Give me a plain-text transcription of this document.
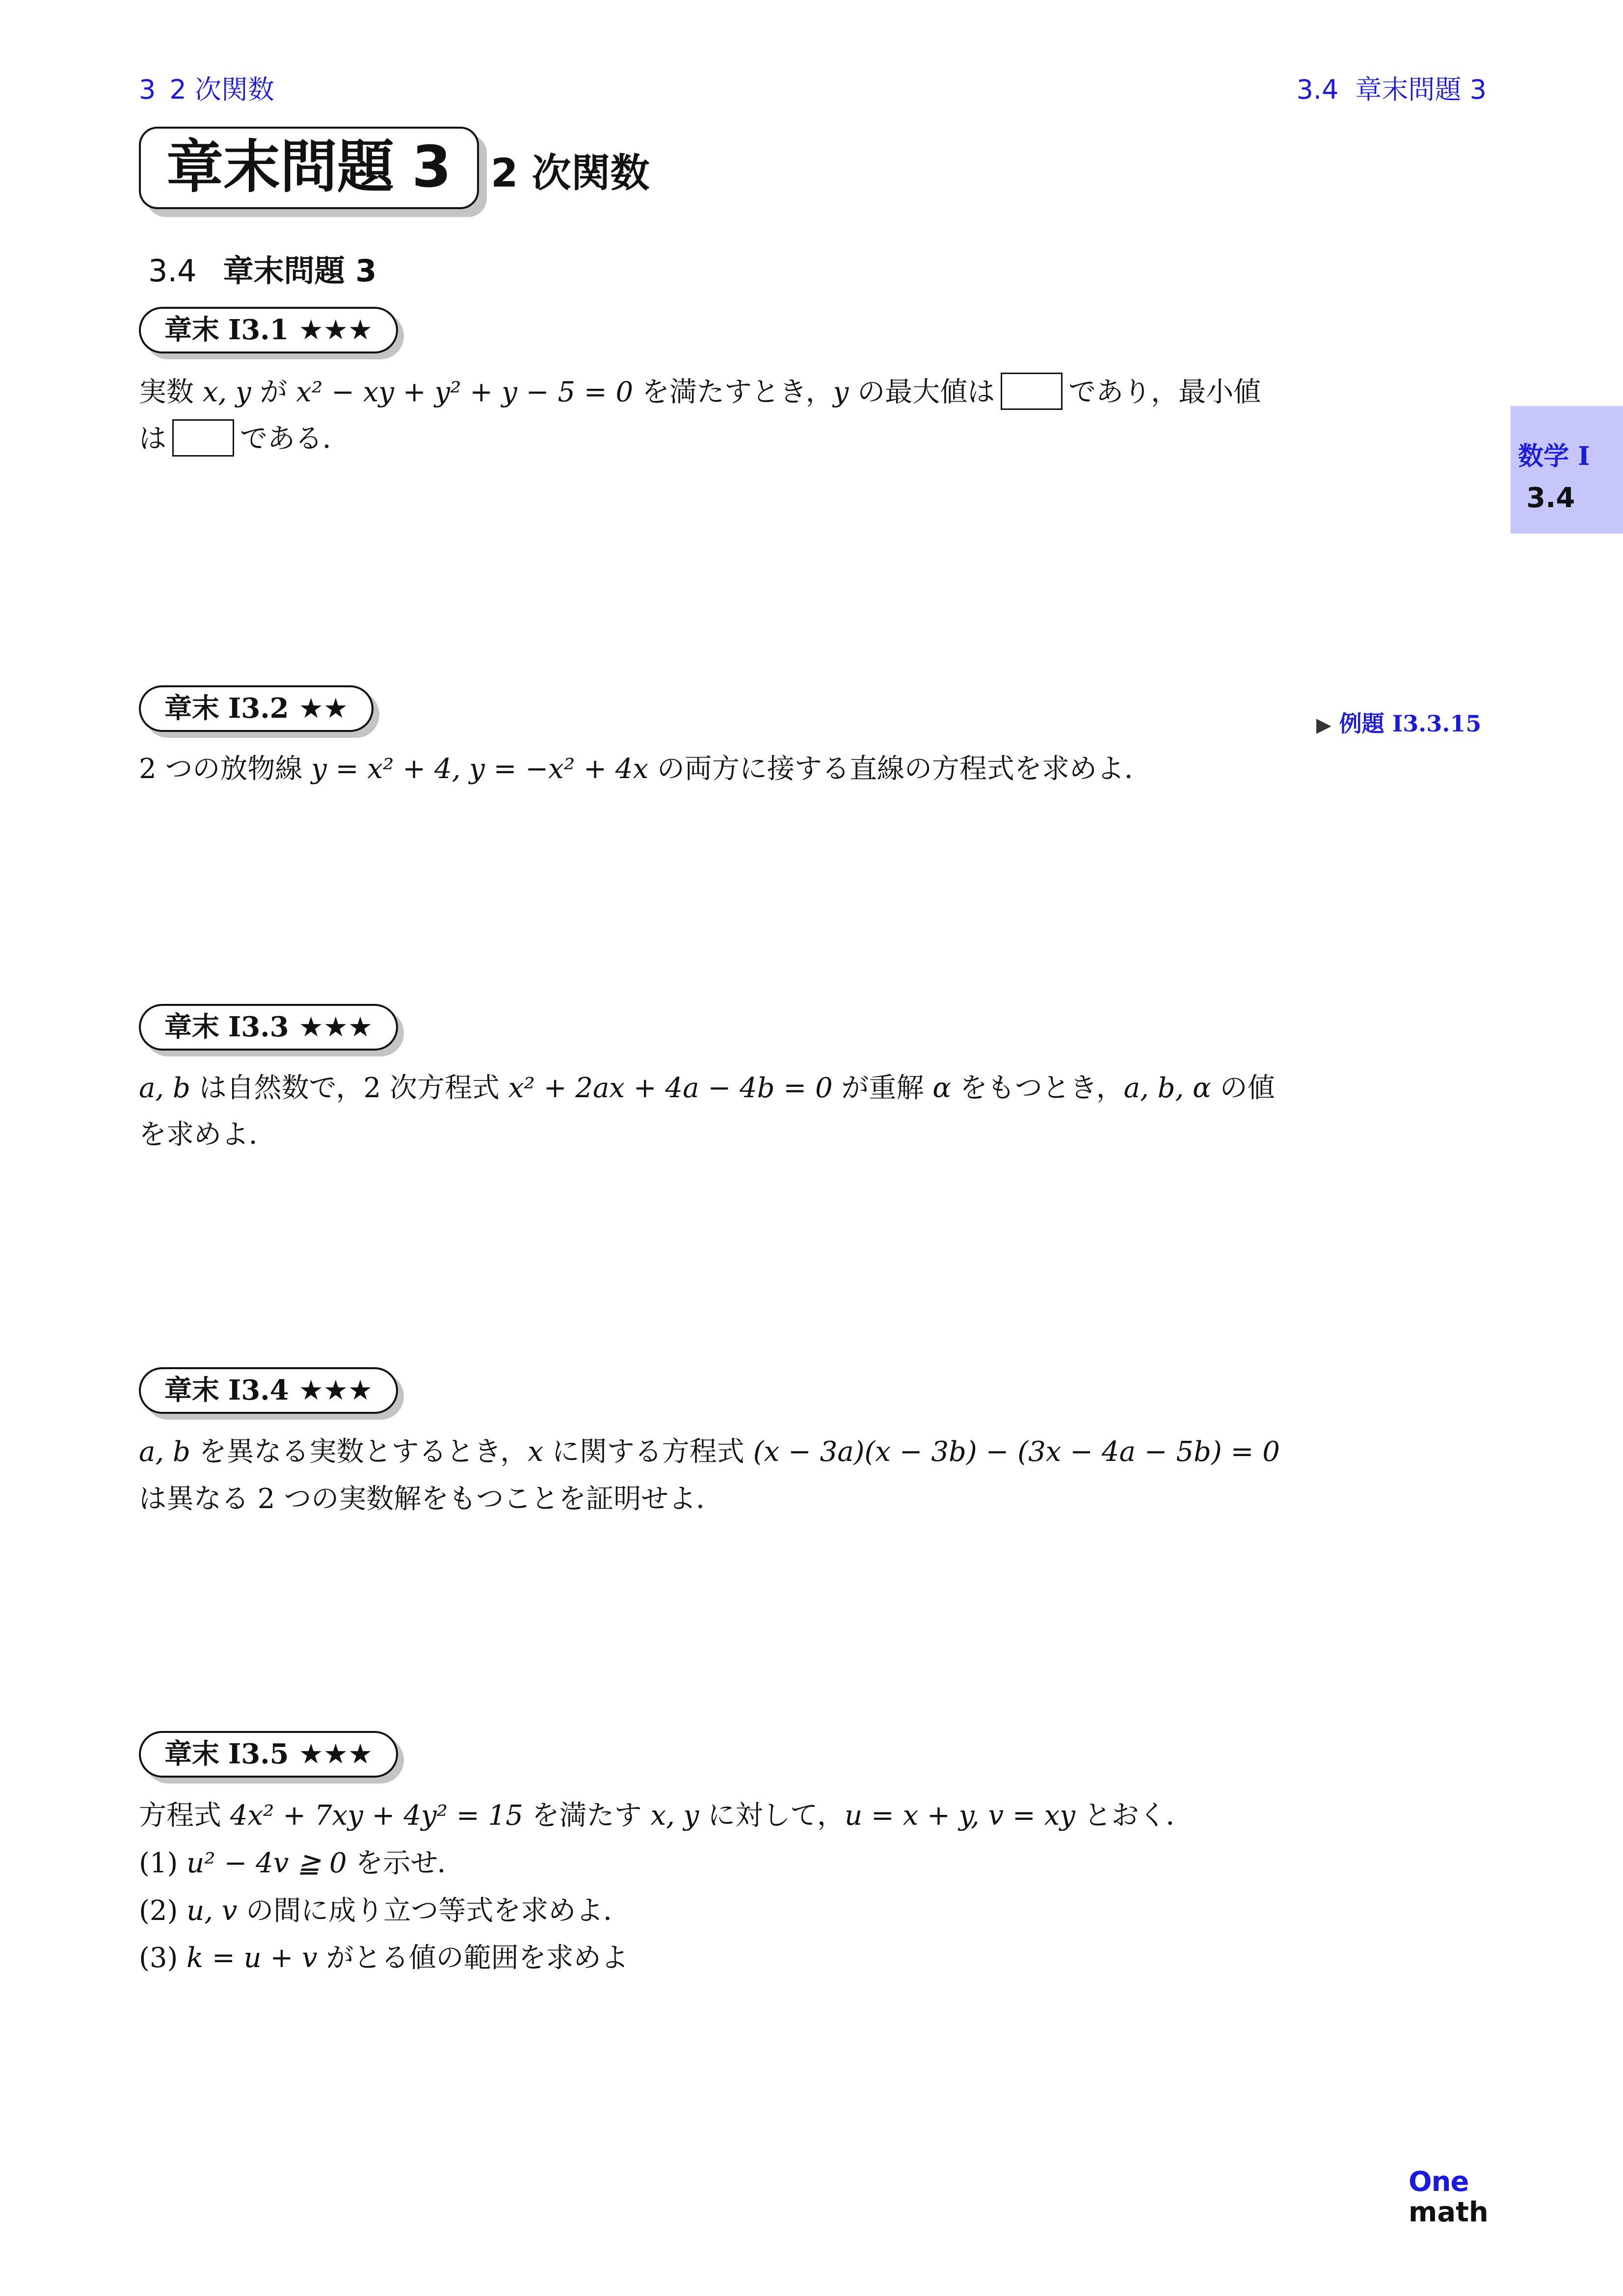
3 2 次関数	3.4 章末問題 3
章末問題 3	2 次関数
3.4 章末問題 3
数学 I
3.4
章末 I3.1 ★★★
実数 x, y が x² − xy + y² + y − 5 = 0 を満たすとき，y の最大値は	であり，最小値
は	である．
章末 I3.2 ★★
▶ 例題 I3.3.15
2 つの放物線 y = x² + 4, y = −x² + 4x の両方に接する直線の方程式を求めよ．
章末 I3.3 ★★★
a, b は自然数で，2 次方程式 x² + 2ax + 4a − 4b = 0 が重解 α をもつとき，a, b, α の値
を求めよ．
章末 I3.4 ★★★
a, b を異なる実数とするとき，x に関する方程式 (x − 3a)(x − 3b) − (3x − 4a − 5b) = 0
は異なる 2 つの実数解をもつことを証明せよ．
章末 I3.5 ★★★
方程式 4x² + 7xy + 4y² = 15 を満たす x, y に対して，u = x + y, v = xy とおく．
(1) u² − 4v ≧ 0 を示せ．
(2) u, v の間に成り立つ等式を求めよ．
(3) k = u + v がとる値の範囲を求めよ
One
math
